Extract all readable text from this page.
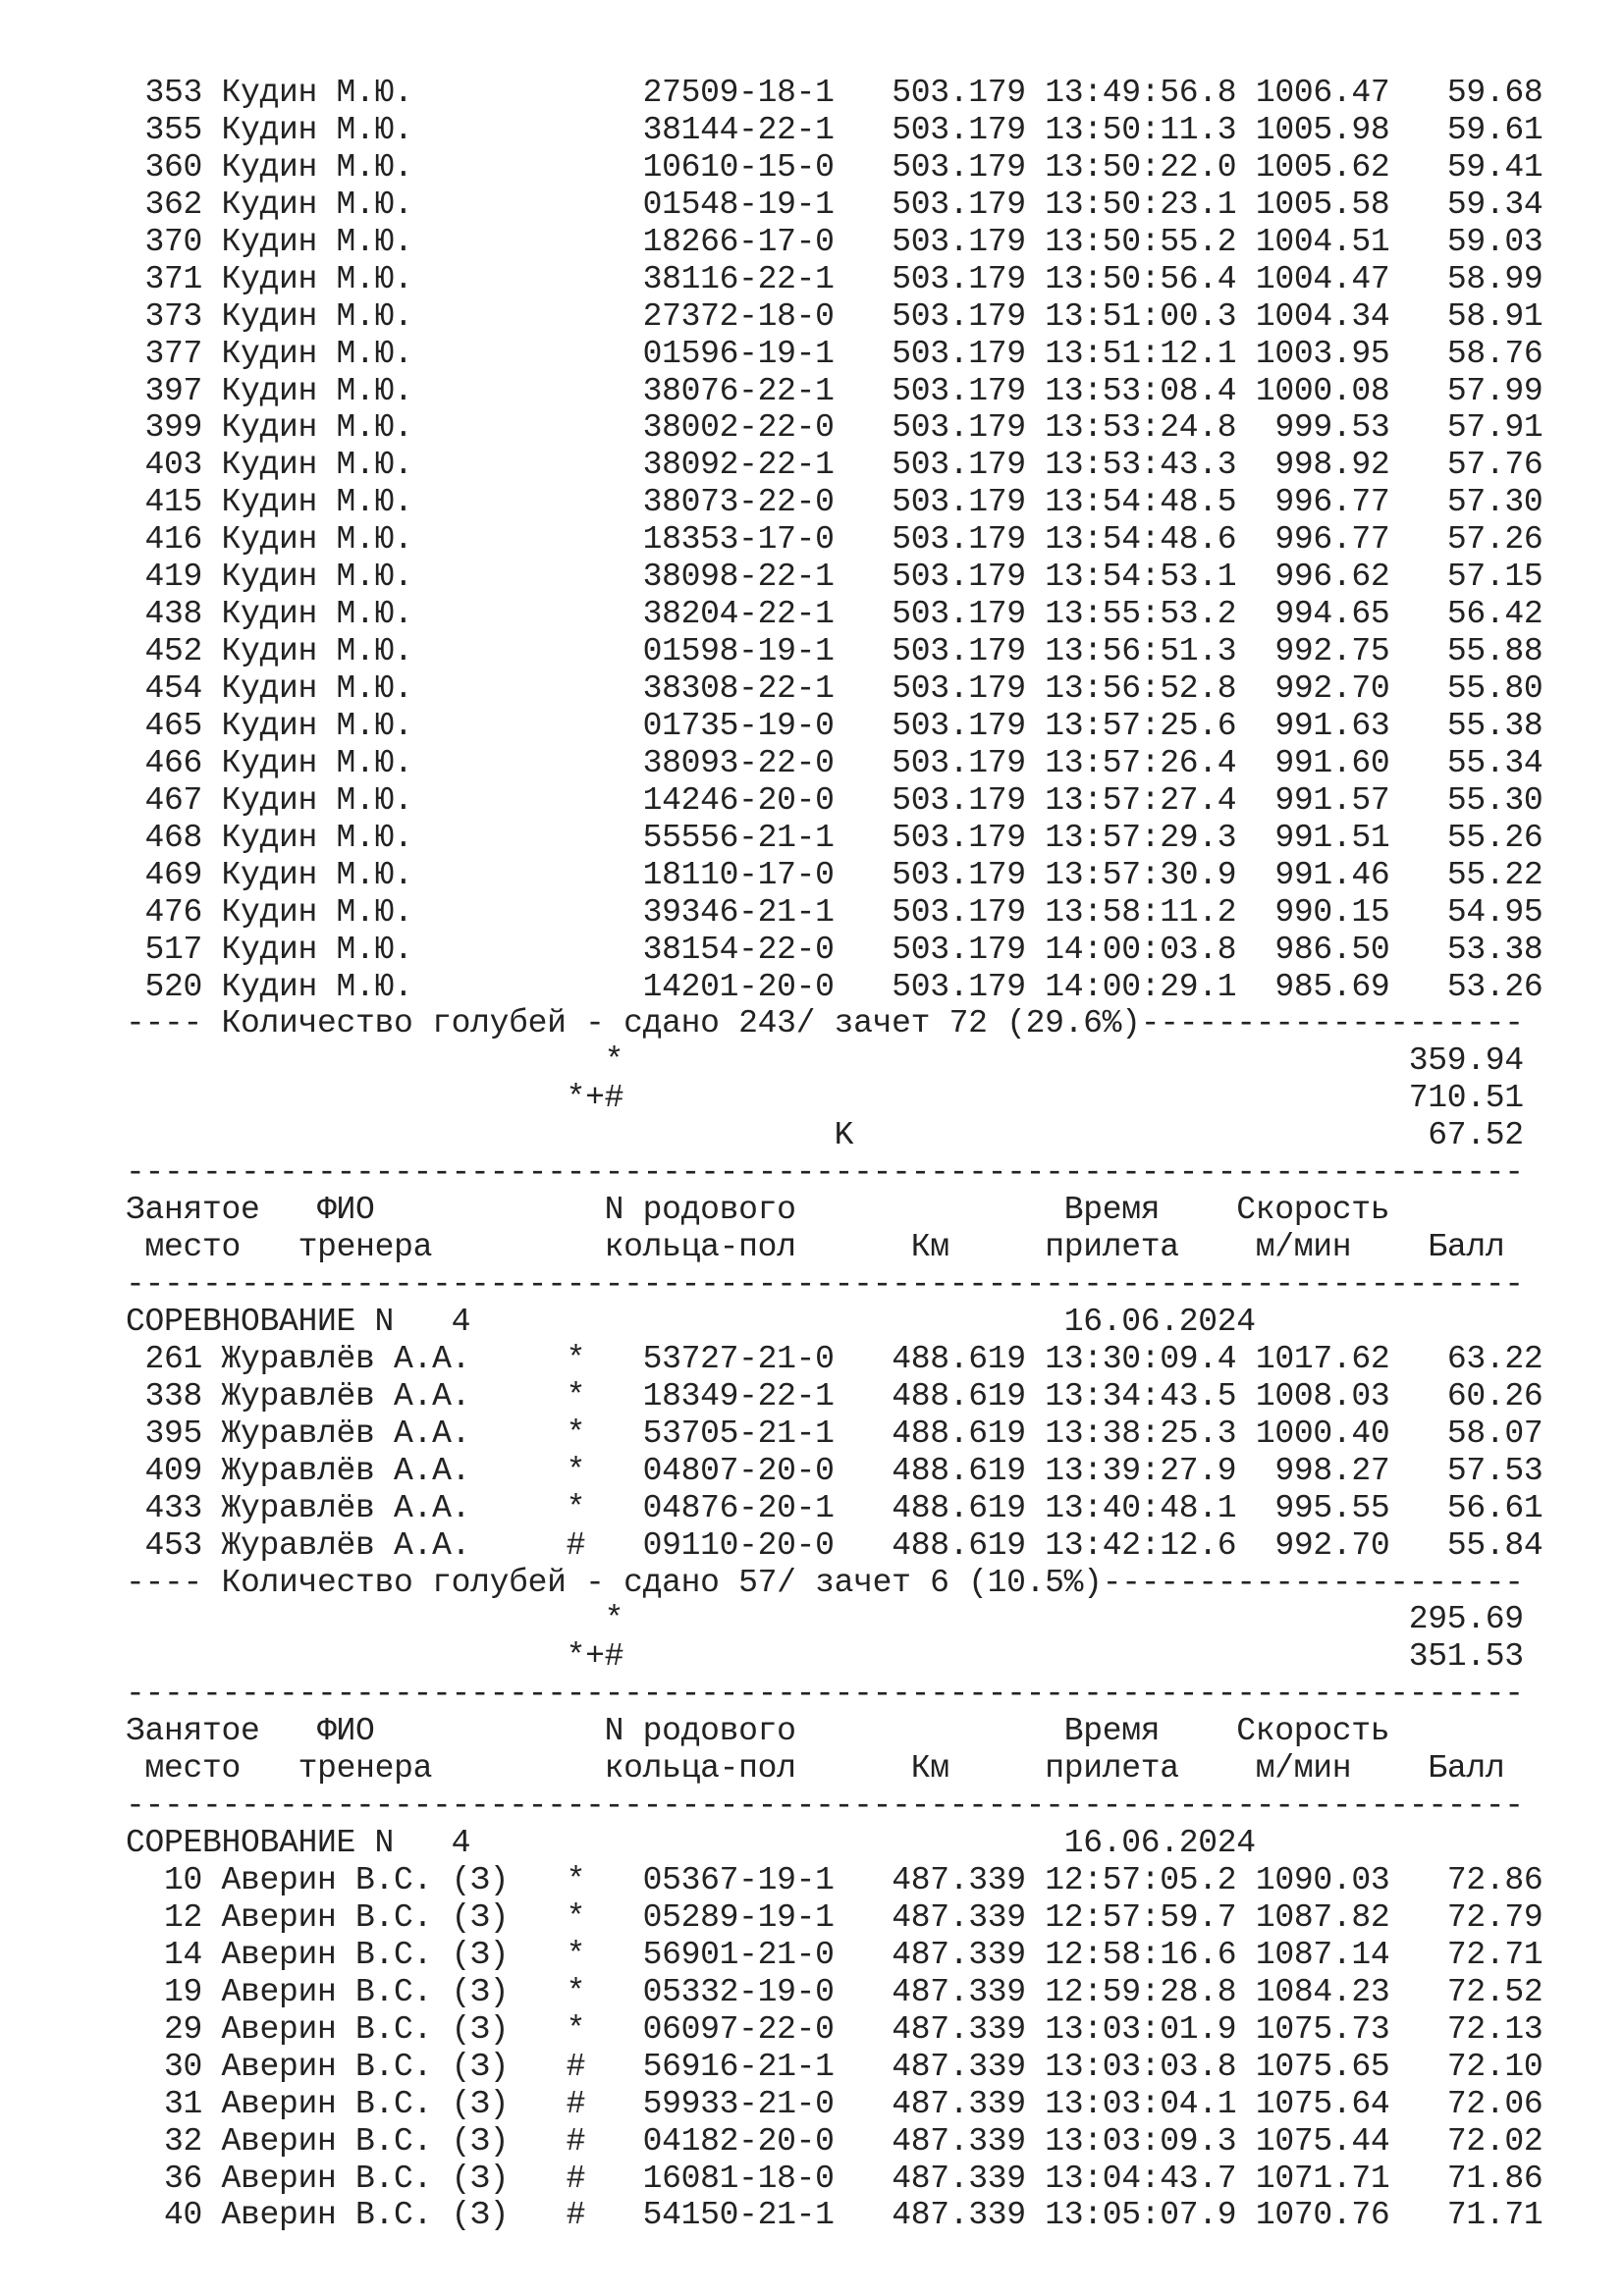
353 Кудин М.Ю.	27509-18-1 503.179 13:49:56.8 1006.47   59.68
355 Кудин М.Ю.	38144-22-1 503.179 13:50:11.3 1005.98   59.61
360 Кудин М.Ю.	10610-15-0 503.179 13:50:22.0 1005.62   59.41
362 Кудин М.Ю.	01548-19-1 503.179 13:50:23.1 1005.58   59.34
370 Кудин М.Ю.	18266-17-0 503.179 13:50:55.2 1004.51   59.03
371 Кудин М.Ю.	38116-22-1 503.179 13:50:56.4 1004.47   58.99
373 Кудин М.Ю.	27372-18-0 503.179 13:51:00.3 1004.34   58.91
377 Кудин М.Ю.	01596-19-1 503.179 13:51:12.1 1003.95   58.76
397 Кудин М.Ю.	38076-22-1 503.179 13:53:08.4 1000.08   57.99
399 Кудин М.Ю.	38002-22-0 503.179 13:53:24.8  999.53   57.91
403 Кудин М.Ю.	38092-22-1 503.179 13:53:43.3  998.92   57.76
415 Кудин М.Ю.	38073-22-0 503.179 13:54:48.5  996.77   57.30
416 Кудин М.Ю.	18353-17-0 503.179 13:54:48.6  996.77   57.26
419 Кудин М.Ю.	38098-22-1 503.179 13:54:53.1  996.62   57.15
438 Кудин М.Ю.	38204-22-1 503.179 13:55:53.2  994.65   56.42
452 Кудин М.Ю.	01598-19-1 503.179 13:56:51.3  992.75   55.88
454 Кудин М.Ю.	38308-22-1 503.179 13:56:52.8  992.70   55.80
465 Кудин М.Ю.	01735-19-0 503.179 13:57:25.6  991.63   55.38
466 Кудин М.Ю.	38093-22-0 503.179 13:57:26.4  991.60   55.34
467 Кудин М.Ю.	14246-20-0 503.179 13:57:27.4  991.57   55.30
468 Кудин М.Ю.	55556-21-1 503.179 13:57:29.3  991.51   55.26
469 Кудин М.Ю.	18110-17-0 503.179 13:57:30.9  991.46   55.22
476 Кудин М.Ю.	39346-21-1 503.179 13:58:11.2  990.15   54.95
517 Кудин М.Ю.	38154-22-0 503.179 14:00:03.8  986.50   53.38
520 Кудин М.Ю.	14201-20-0 503.179 14:00:29.1  985.69   53.26
---- Количество голубей - сдано 243/ зачет 72 (29.6%)--------------------
*	359.94
*+#	710.51
K	67.52
-------------------------------------------------------------------------
Занятое ФИО	N родового	Время Скорость
место тренера	кольца-пол	Км	прилета м/мин Балл
-------------------------------------------------------------------------
СОРЕВНОВАНИЕ N 4	16.06.2024
261 Журавлёв А.А.     * 53727-21-0 488.619 13:30:09.4 1017.62   63.22
338 Журавлёв А.А.     * 18349-22-1 488.619 13:34:43.5 1008.03   60.26
395 Журавлёв А.А.     * 53705-21-1 488.619 13:38:25.3 1000.40   58.07
409 Журавлёв А.А.     * 04807-20-0 488.619 13:39:27.9  998.27   57.53
433 Журавлёв А.А.     * 04876-20-1 488.619 13:40:48.1  995.55   56.61
453 Журавлёв А.А.     # 09110-20-0 488.619 13:42:12.6  992.70   55.84
---- Количество голубей - сдано 57/ зачет 6 (10.5%)----------------------
*	295.69
*+#	351.53
-------------------------------------------------------------------------
Занятое ФИО	N родового	Время Скорость
место тренера	кольца-пол	Км	прилета м/мин Балл
-------------------------------------------------------------------------
СОРЕВНОВАНИЕ N 4	16.06.2024
10 Аверин В.С. (З)   * 05367-19-1 487.339 12:57:05.2 1090.03   72.86
12 Аверин В.С. (З)   * 05289-19-1 487.339 12:57:59.7 1087.82   72.79
14 Аверин В.С. (З)   * 56901-21-0 487.339 12:58:16.6 1087.14   72.71
19 Аверин В.С. (З)   * 05332-19-0 487.339 12:59:28.8 1084.23   72.52
29 Аверин В.С. (З)   * 06097-22-0 487.339 13:03:01.9 1075.73   72.13
30 Аверин В.С. (З)   # 56916-21-1 487.339 13:03:03.8 1075.65   72.10
31 Аверин В.С. (З)   # 59933-21-0 487.339 13:03:04.1 1075.64   72.06
32 Аверин В.С. (З)   # 04182-20-0 487.339 13:03:09.3 1075.44   72.02
36 Аверин В.С. (З)   # 16081-18-0 487.339 13:04:43.7 1071.71   71.86
40 Аверин В.С. (З)   # 54150-21-1 487.339 13:05:07.9 1070.76   71.71
